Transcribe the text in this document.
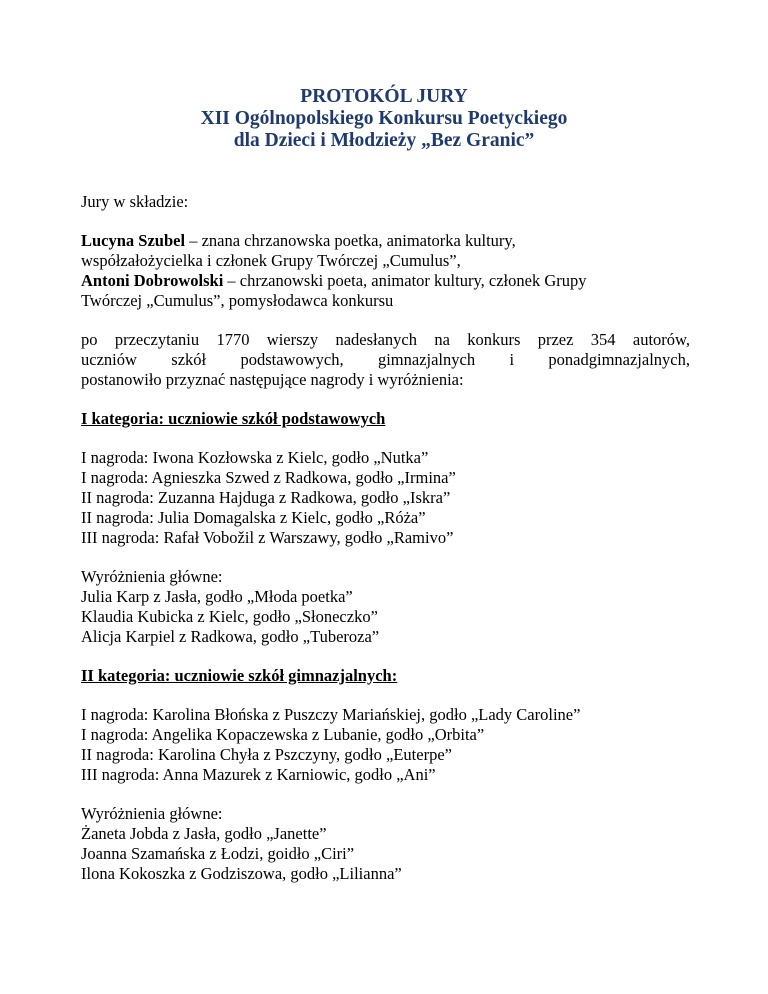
PROTOKÓL JURY
XII Ogólnopolskiego Konkursu Poetyckiego
dla Dzieci i Młodzieży „Bez Granic”
Jury w składzie:
Lucyna Szubel – znana chrzanowska poetka, animatorka kultury,
współzałożycielka i członek Grupy Twórczej „Cumulus”,
Antoni Dobrowolski – chrzanowski poeta, animator kultury, członek Grupy
Twórczej „Cumulus”, pomysłodawca konkursu
po przeczytaniu 1770 wierszy nadesłanych na konkurs przez 354 autorów,
uczniów szkół podstawowych, gimnazjalnych i ponadgimnazjalnych,
postanowiło przyznać następujące nagrody i wyróżnienia:
I kategoria: uczniowie szkół podstawowych
I nagroda: Iwona Kozłowska z Kielc, godło „Nutka”
I nagroda: Agnieszka Szwed z Radkowa, godło „Irmina”
II nagroda: Zuzanna Hajduga z Radkowa, godło „Iskra”
II nagroda: Julia Domagalska z Kielc, godło „Róża”
III nagroda: Rafał Vobožil z Warszawy, godło „Ramivo”
Wyróżnienia główne:
Julia Karp z Jasła, godło „Młoda poetka”
Klaudia Kubicka z Kielc, godło „Słoneczko”
Alicja Karpiel z Radkowa, godło „Tuberoza”
II kategoria: uczniowie szkół gimnazjalnych:
I nagroda: Karolina Błońska z Puszczy Mariańskiej, godło „Lady Caroline”
I nagroda: Angelika Kopaczewska z Lubanie, godło „Orbita”
II nagroda: Karolina Chyła z Pszczyny, godło „Euterpe”
III nagroda: Anna Mazurek z Karniowic, godło „Ani”
Wyróżnienia główne:
Żaneta Jobda z Jasła, godło „Janette”
Joanna Szamańska z Łodzi, goidło „Ciri”
Ilona Kokoszka z Godziszowa, godło „Lilianna”
